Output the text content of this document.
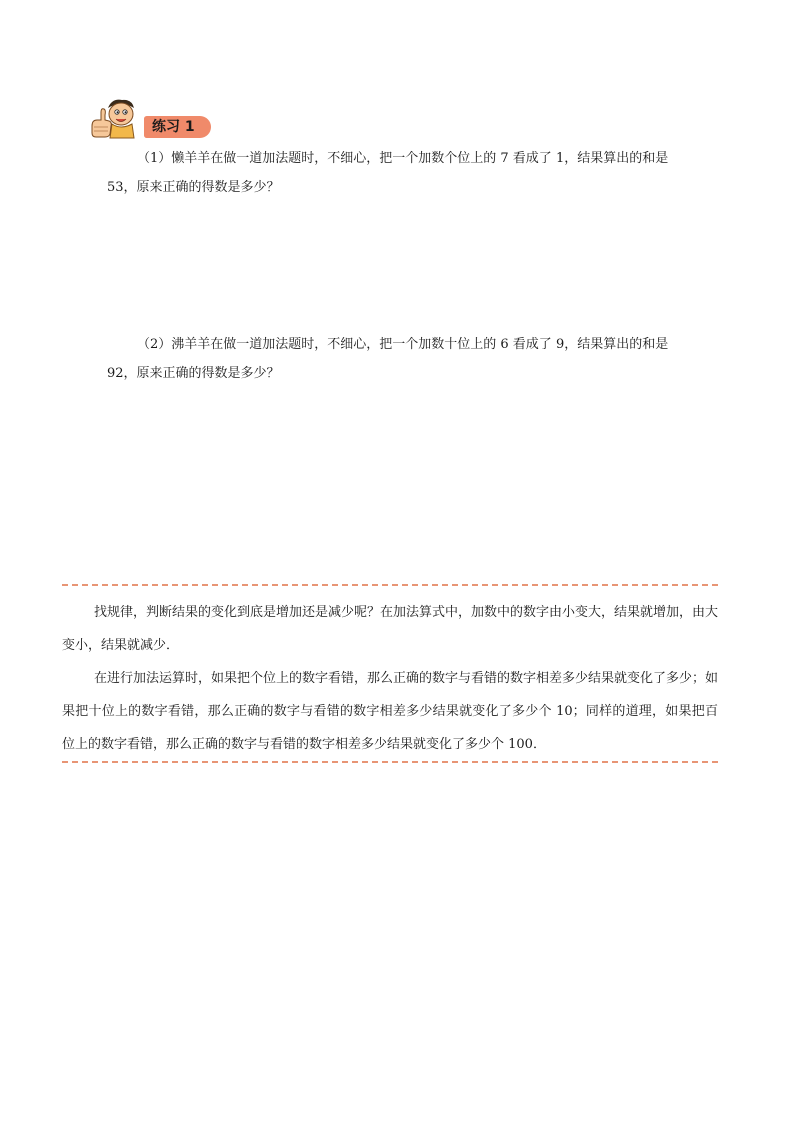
练习 1

（1）懒羊羊在做一道加法题时，不细心，把一个加数个位上的 7 看成了 1，结果算出的和是

53，原来正确的得数是多少？

（2）沸羊羊在做一道加法题时，不细心，把一个加数十位上的 6 看成了 9，结果算出的和是

92，原来正确的得数是多少？

找规律，判断结果的变化到底是增加还是减少呢？在加法算式中，加数中的数字由小变大，结果就增加，由大变小，结果就减少．

在进行加法运算时，如果把个位上的数字看错，那么正确的数字与看错的数字相差多少结果就变化了多少；如果把十位上的数字看错，那么正确的数字与看错的数字相差多少结果就变化了多少个 10；同样的道理，如果把百位上的数字看错，那么正确的数字与看错的数字相差多少结果就变化了多少个 100．
